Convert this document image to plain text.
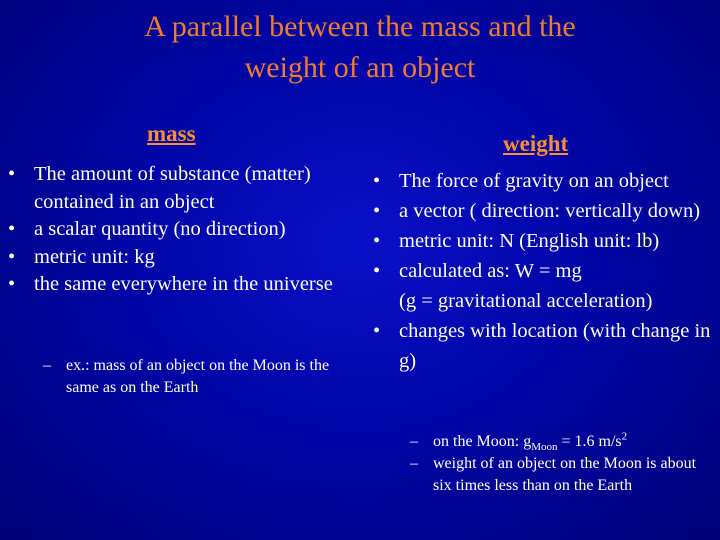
A parallel between the mass and the
weight of an object
mass	weight
• The amount of substance (matter) contained in an object
• a scalar quantity (no direction)
• metric unit: kg
• the same everywhere in the universe
– ex.: mass of an object on the Moon is the same as on the Earth
• The force of gravity on an object
• a vector ( direction: vertically down)
• metric unit: N (English unit: lb)
• calculated as: W = mg
(g = gravitational acceleration)
• changes with location (with change in g)
– on the Moon: $g_{Moon} = 1.6$ $m/s^2$
– weight of an object on the Moon is about six times less than on the Earth
